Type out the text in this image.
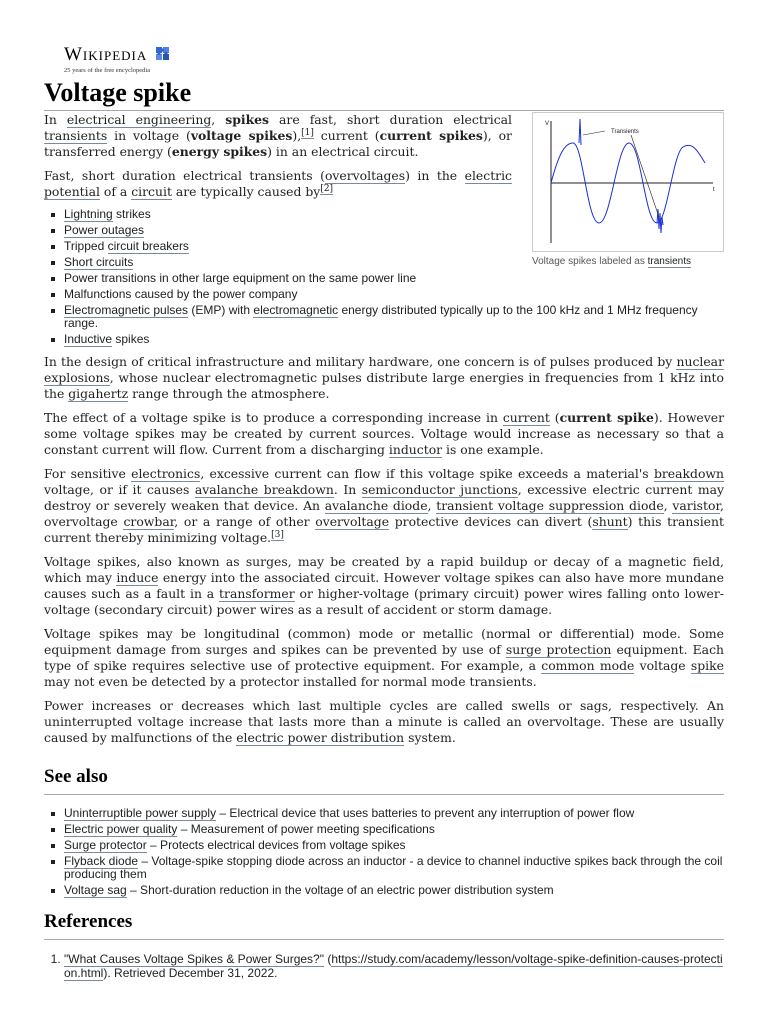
Wikipedia
25 years of the free encyclopedia
Voltage spike
V
t
Transients
Voltage spikes labeled as transients

In electrical engineering, spikes are fast, short duration electrical transients in voltage (voltage spikes),[1] current (current spikes), or transferred energy (energy spikes) in an electrical circuit.

Fast, short duration electrical transients (overvoltages) in the electric potential of a circuit are typically caused by[2]

Lightning strikes
Power outages
Tripped circuit breakers
Short circuits
Power transitions in other large equipment on the same power line
Malfunctions caused by the power company
Electromagnetic pulses (EMP) with electromagnetic energy distributed typically up to the 100 kHz and 1 MHz frequency range.
Inductive spikes

In the design of critical infrastructure and military hardware, one concern is of pulses produced by nuclear explosions, whose nuclear electromagnetic pulses distribute large energies in frequencies from 1 kHz into the gigahertz range through the atmosphere.

The effect of a voltage spike is to produce a corresponding increase in current (current spike). However some voltage spikes may be created by current sources. Voltage would increase as necessary so that a constant current will flow. Current from a discharging inductor is one example.

For sensitive electronics, excessive current can flow if this voltage spike exceeds a material's breakdown voltage, or if it causes avalanche breakdown. In semiconductor junctions, excessive electric current may destroy or severely weaken that device. An avalanche diode, transient voltage suppression diode, varistor, overvoltage crowbar, or a range of other overvoltage protective devices can divert (shunt) this transient current thereby minimizing voltage.[3]

Voltage spikes, also known as surges, may be created by a rapid buildup or decay of a magnetic field, which may induce energy into the associated circuit. However voltage spikes can also have more mundane causes such as a fault in a transformer or higher-voltage (primary circuit) power wires falling onto lower-voltage (secondary circuit) power wires as a result of accident or storm damage.

Voltage spikes may be longitudinal (common) mode or metallic (normal or differential) mode. Some equipment damage from surges and spikes can be prevented by use of surge protection equipment. Each type of spike requires selective use of protective equipment. For example, a common mode voltage spike may not even be detected by a protector installed for normal mode transients.

Power increases or decreases which last multiple cycles are called swells or sags, respectively. An uninterrupted voltage increase that lasts more than a minute is called an overvoltage. These are usually caused by malfunctions of the electric power distribution system.

See also
Uninterruptible power supply – Electrical device that uses batteries to prevent any interruption of power flow
Electric power quality – Measurement of power meeting specifications
Surge protector – Protects electrical devices from voltage spikes
Flyback diode – Voltage-spike stopping diode across an inductor - a device to channel inductive spikes back through the coil producing them
Voltage sag – Short-duration reduction in the voltage of an electric power distribution system
References
1. "What Causes Voltage Spikes & Power Surges?" (https://study.com/academy/lesson/voltage-spike-definition-causes-protection.html). Retrieved December 31, 2022.
